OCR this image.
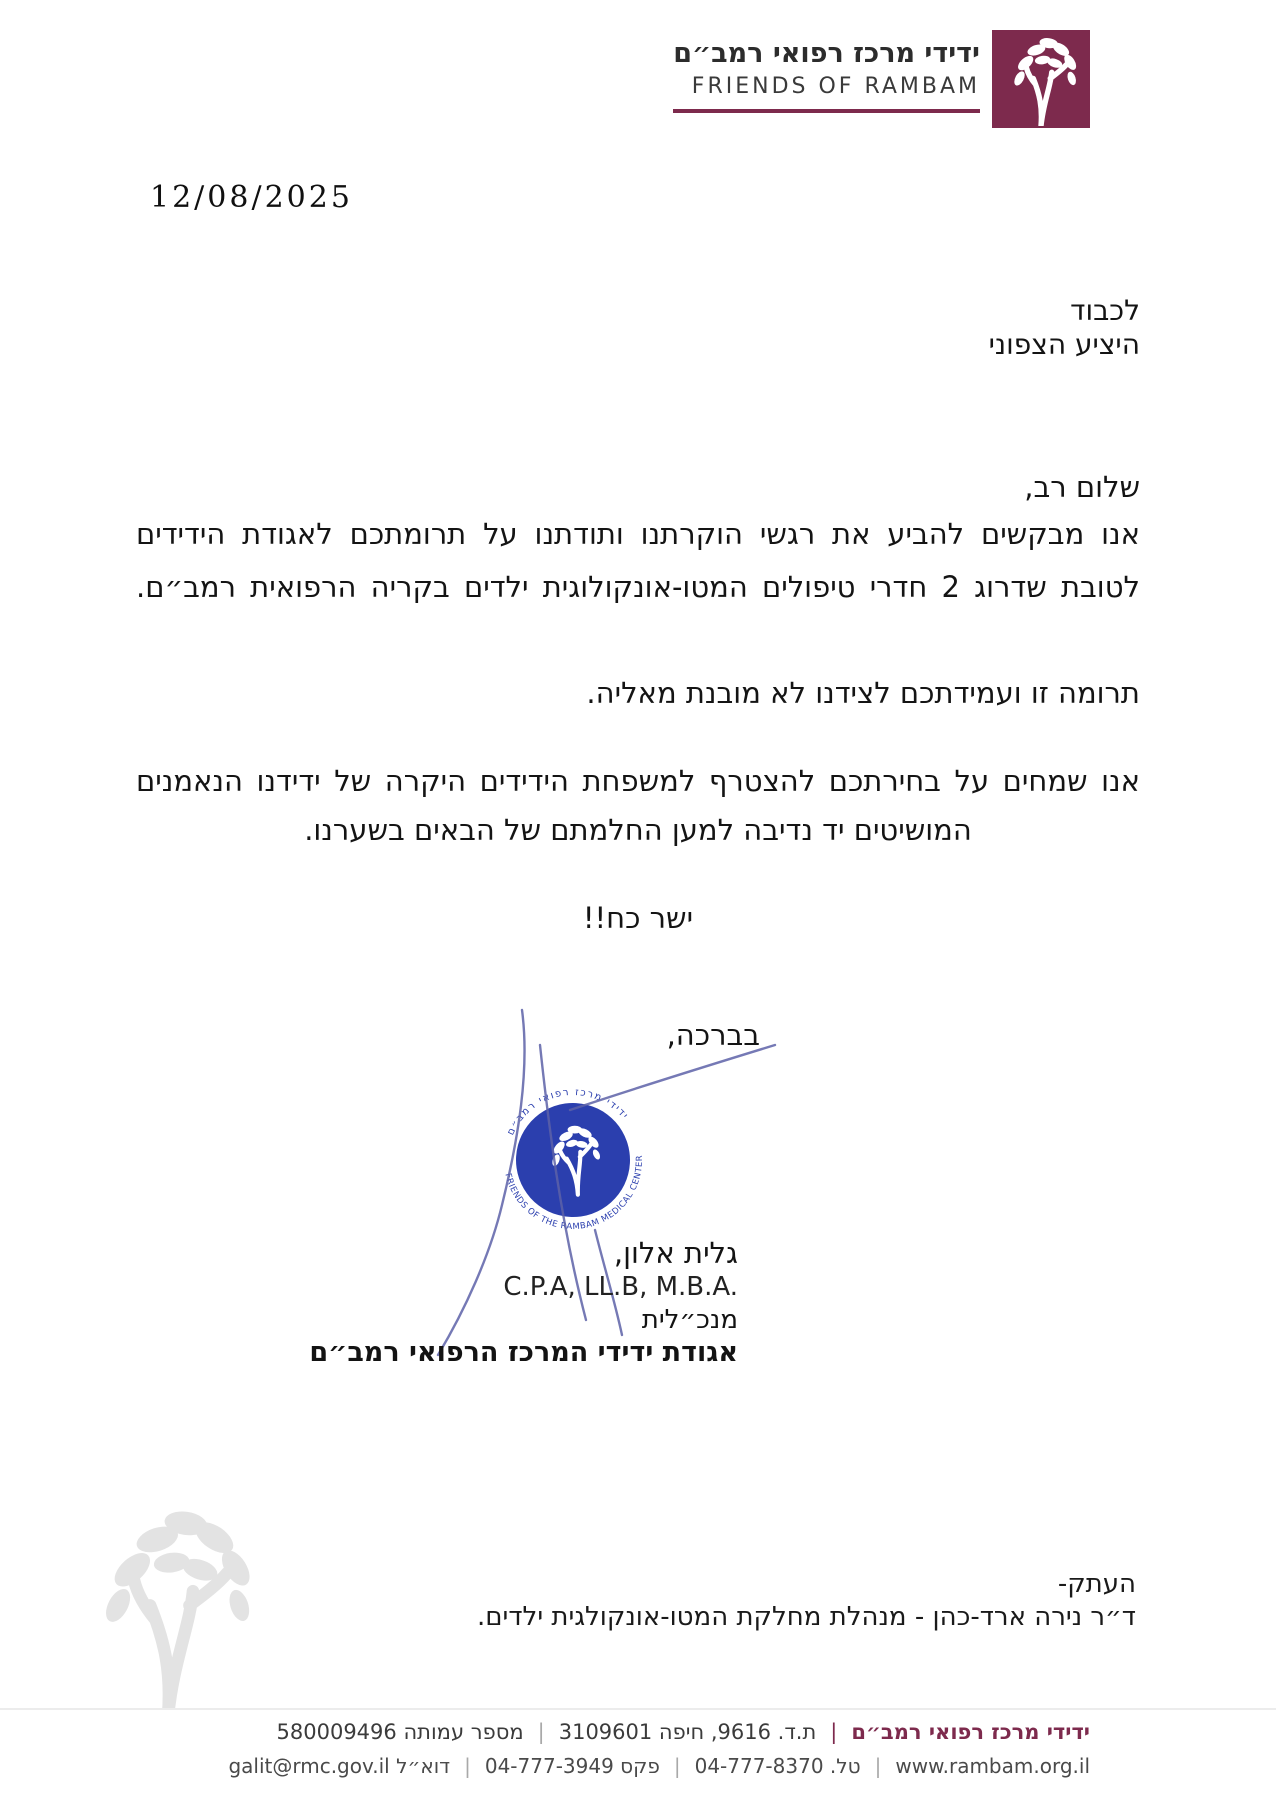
ידידי מרכז רפואי רמב״ם
FRIENDS OF RAMBAM
12/08/2025
לכבוד
היציע הצפוני
שלום רב,
אנו מבקשים להביע את רגשי הוקרתנו ותודתנו על תרומתכם לאגודת הידידים
לטובת שדרוג 2 חדרי טיפולים המטו-אונקולוגית ילדים בקריה הרפואית רמב״ם.
תרומה זו ועמידתכם לצידנו לא מובנת מאליה.
אנו שמחים על בחירתכם להצטרף למשפחת הידידים היקרה של ידידנו הנאמנים
המושיטים יד נדיבה למען החלמתם של הבאים בשערנו.
ישר כח!!
בברכה,
ידידי מרכז רפואי רמב״ם
FRIENDS OF THE RAMBAM MEDICAL CENTER
גלית אלון,
C.P.A, LL.B, M.B.A.
מנכ״לית
אגודת ידידי המרכז הרפואי רמב״ם
העתק-
ד״ר נירה ארד-כהן - מנהלת מחלקת המטו-אונקולגית ילדים.
ידידי מרכז רפואי רמב״ם|ת.ד. 9616, חיפה 3109601|מספר עמותה 580009496
www.rambam.org.il|טל. 04-777-8370|פקס 04-777-3949|דוא״ל galit@rmc.gov.il
